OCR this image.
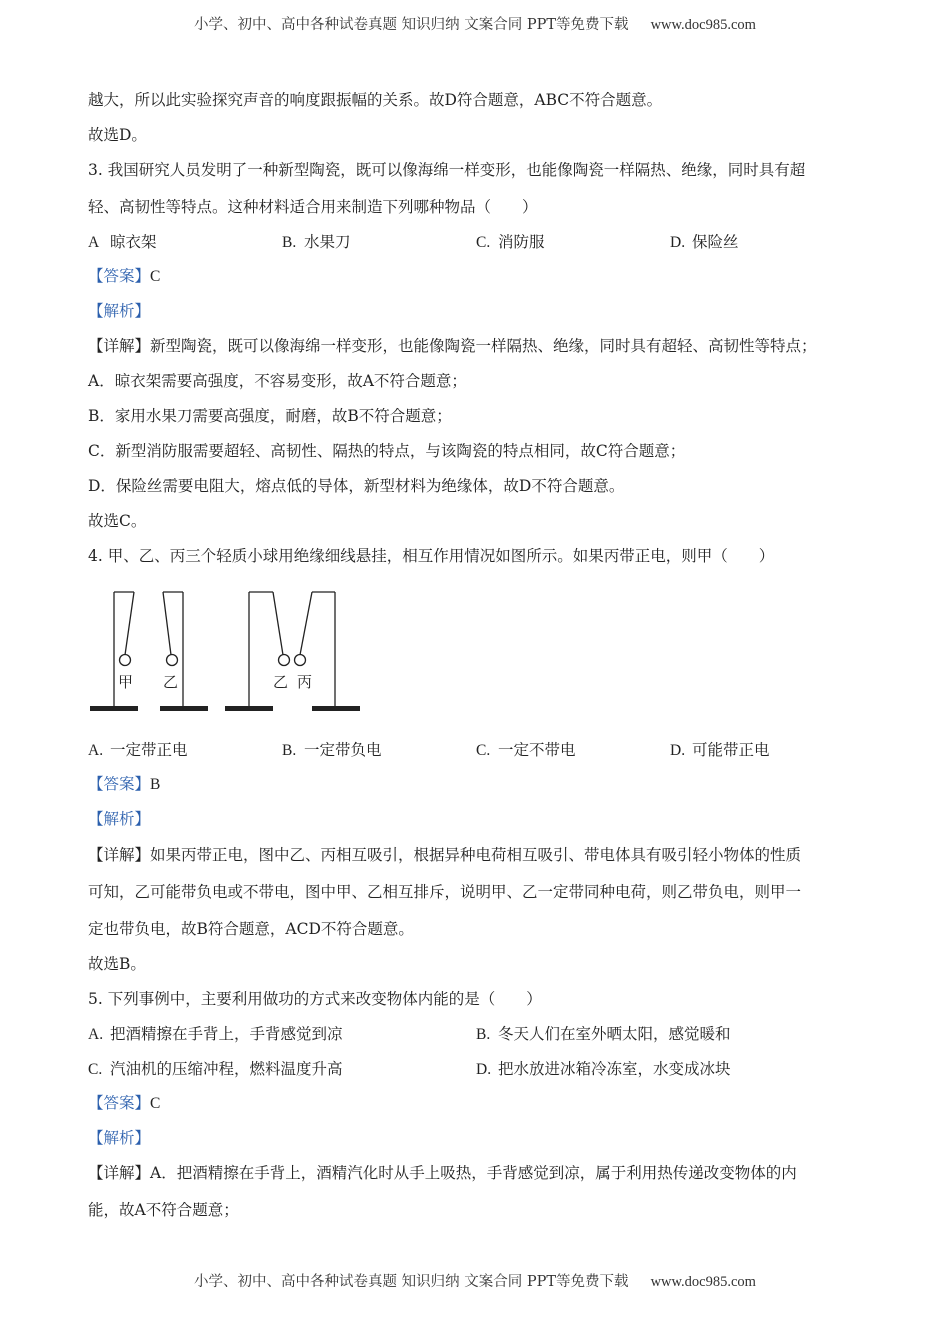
小学、初中、高中各种试卷真题 知识归纳 文案合同 PPT等免费下载 www.doc985.com
越大，所以此实验探究声音的响度跟振幅的关系。故D符合题意，ABC不符合题意。
故选D。
3. 我国研究人员发明了一种新型陶瓷，既可以像海绵一样变形，也能像陶瓷一样隔热、绝缘，同时具有超
轻、高韧性等特点。这种材料适合用来制造下列哪种物品（　　）
A 晾衣架	B. 水果刀	C. 消防服	D. 保险丝
【答案】C
【解析】
【详解】新型陶瓷，既可以像海绵一样变形，也能像陶瓷一样隔热、绝缘，同时具有超轻、高韧性等特点；
A．晾衣架需要高强度，不容易变形，故A不符合题意；
B．家用水果刀需要高强度，耐磨，故B不符合题意；
C．新型消防服需要超轻、高韧性、隔热的特点，与该陶瓷的特点相同，故C符合题意；
D．保险丝需要电阻大，熔点低的导体，新型材料为绝缘体，故D不符合题意。
故选C。
4. 甲、乙、丙三个轻质小球用绝缘细线悬挂，相互作用情况如图所示。如果丙带正电，则甲（　　）
甲 乙	乙 丙
A. 一定带正电	B. 一定带负电	C. 一定不带电	D. 可能带正电
【答案】B
【解析】
【详解】如果丙带正电，图中乙、丙相互吸引，根据异种电荷相互吸引、带电体具有吸引轻小物体的性质
可知，乙可能带负电或不带电，图中甲、乙相互排斥，说明甲、乙一定带同种电荷，则乙带负电，则甲一
定也带负电，故B符合题意，ACD不符合题意。
故选B。
5. 下列事例中，主要利用做功的方式来改变物体内能的是（　　）
A. 把酒精擦在手背上，手背感觉到凉	B. 冬天人们在室外晒太阳，感觉暖和
C. 汽油机的压缩冲程，燃料温度升高	D. 把水放进冰箱冷冻室，水变成冰块
【答案】C
【解析】
【详解】A．把酒精擦在手背上，酒精汽化时从手上吸热，手背感觉到凉，属于利用热传递改变物体的内
能，故A不符合题意；
小学、初中、高中各种试卷真题 知识归纳 文案合同 PPT等免费下载 www.doc985.com
